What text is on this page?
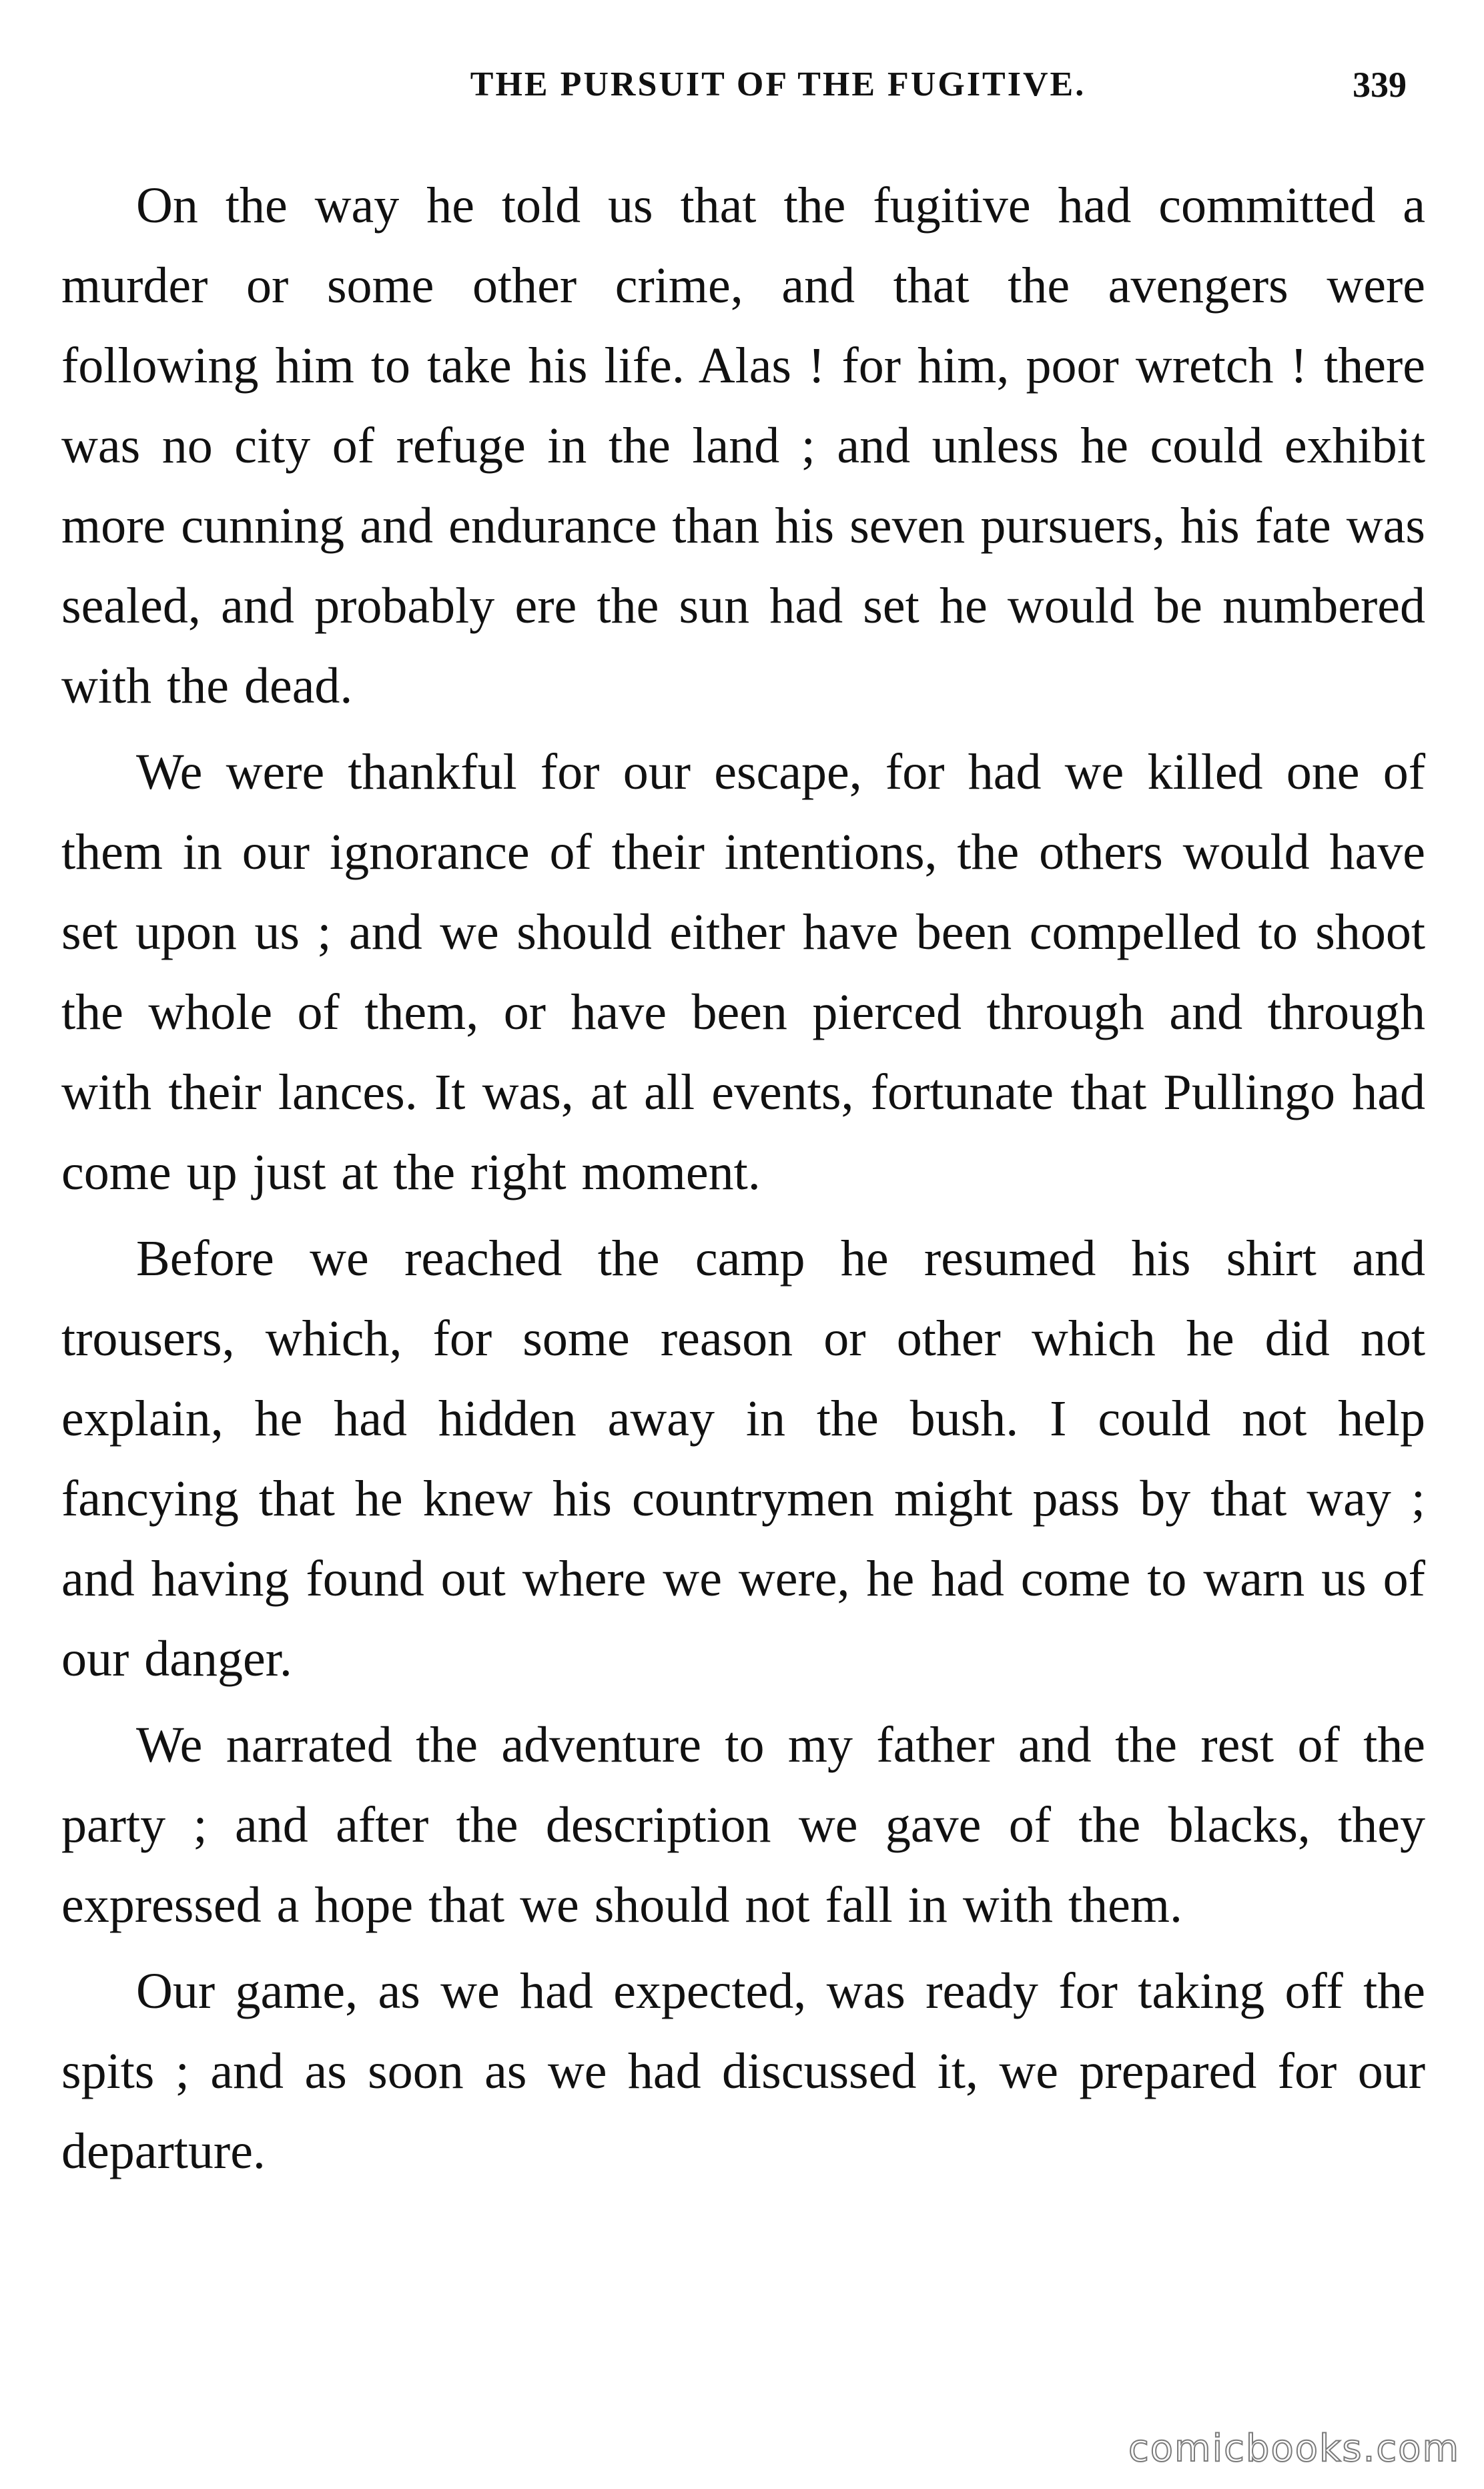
THE PURSUIT OF THE FUGITIVE.	339

On the way he told us that the fugitive had committed a murder or some other crime, and that the avengers were following him to take his life. Alas ! for him, poor wretch ! there was no city of refuge in the land ; and unless he could exhibit more cunning and endurance than his seven pursuers, his fate was sealed, and probably ere the sun had set he would be numbered with the dead.

We were thankful for our escape, for had we killed one of them in our ignorance of their intentions, the others would have set upon us ; and we should either have been compelled to shoot the whole of them, or have been pierced through and through with their lances. It was, at all events, fortunate that Pullingo had come up just at the right moment.

Before we reached the camp he resumed his shirt and trousers, which, for some reason or other which he did not explain, he had hidden away in the bush. I could not help fancying that he knew his countrymen might pass by that way ; and having found out where we were, he had come to warn us of our danger.

We narrated the adventure to my father and the rest of the party ; and after the description we gave of the blacks, they expressed a hope that we should not fall in with them.

Our game, as we had expected, was ready for taking off the spits ; and as soon as we had discussed it, we prepared for our departure.

comicbooks.com
